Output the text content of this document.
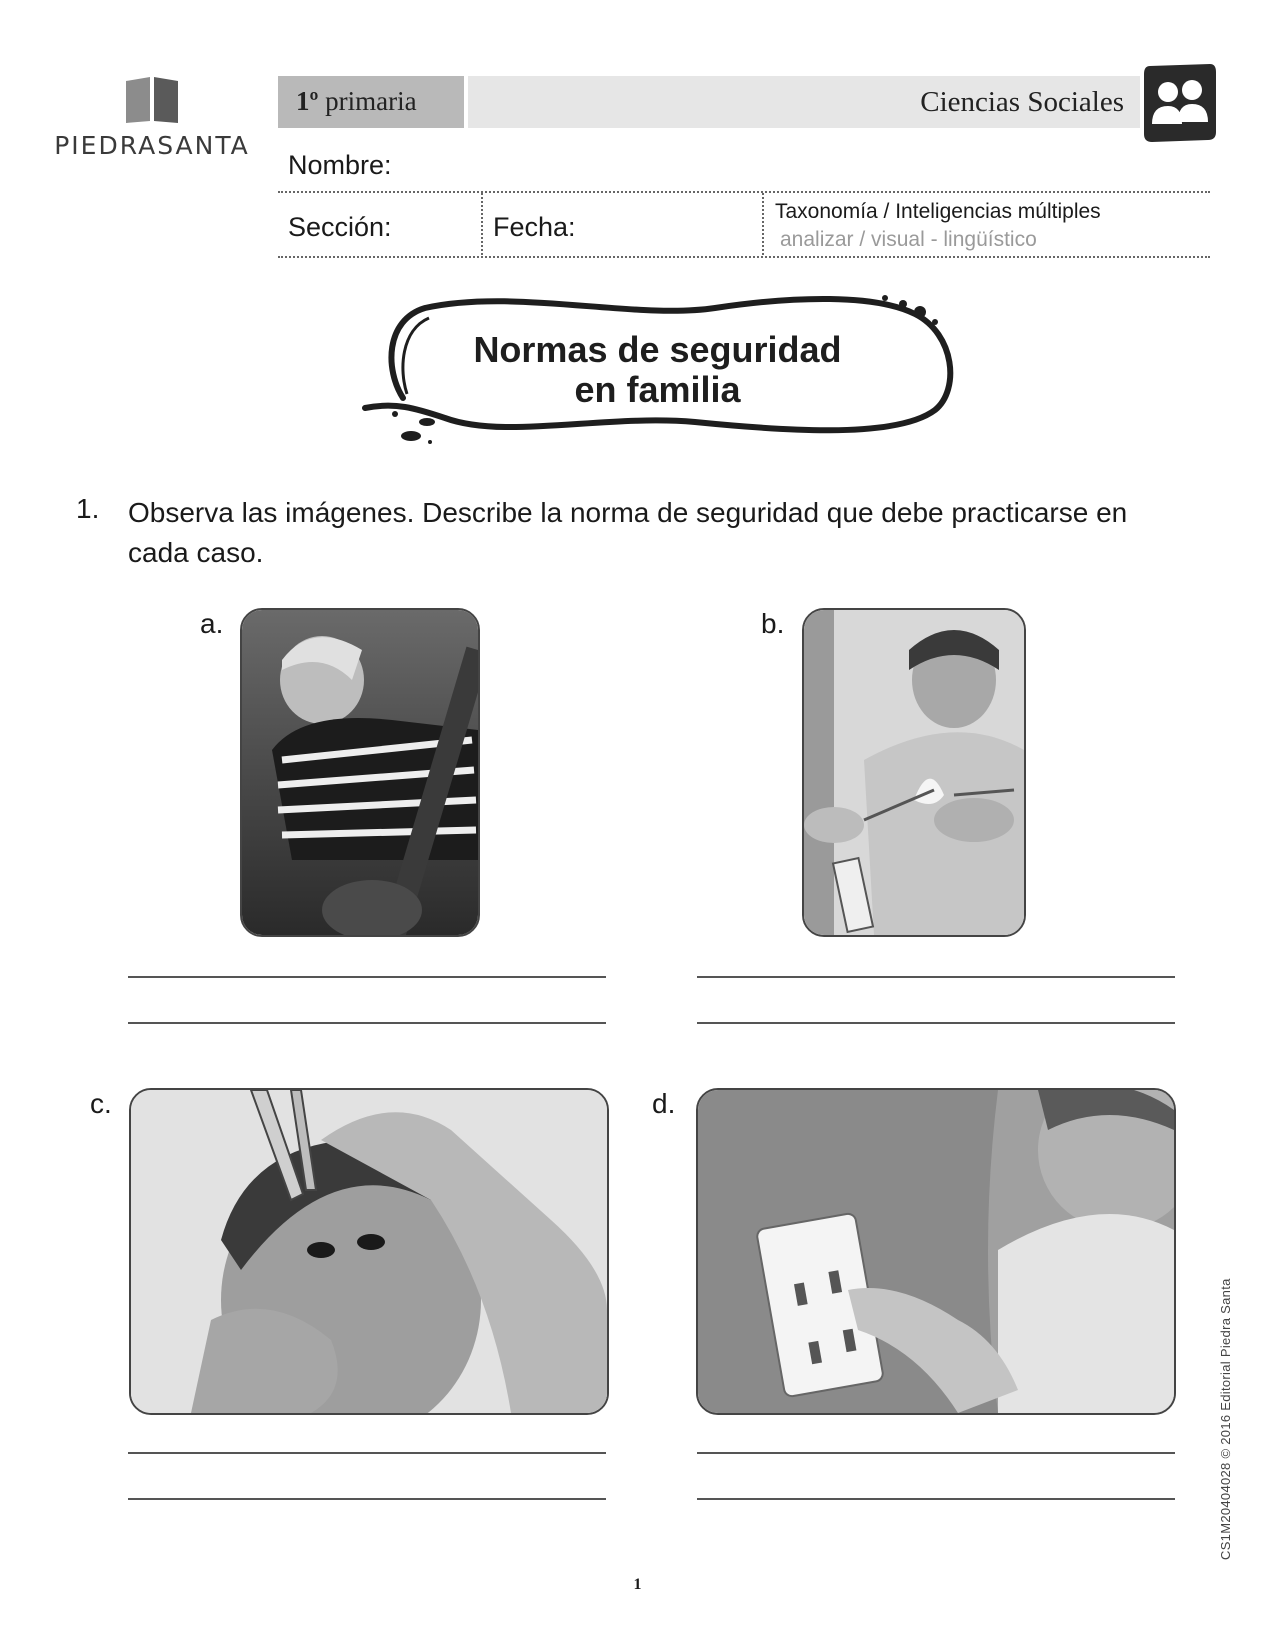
PIEDRASANTA
1º primaria	Ciencias Sociales
Nombre:
Sección:	Fecha:
Taxonomía / Inteligencias múltiples
analizar / visual - lingüístico
Normas de seguridad
en familia
1. Observa las imágenes. Describe la norma de seguridad que debe practicarse en cada caso.
a.	b.
c.	d.
CS1M20404028 © 2016 Editorial Piedra Santa
1
